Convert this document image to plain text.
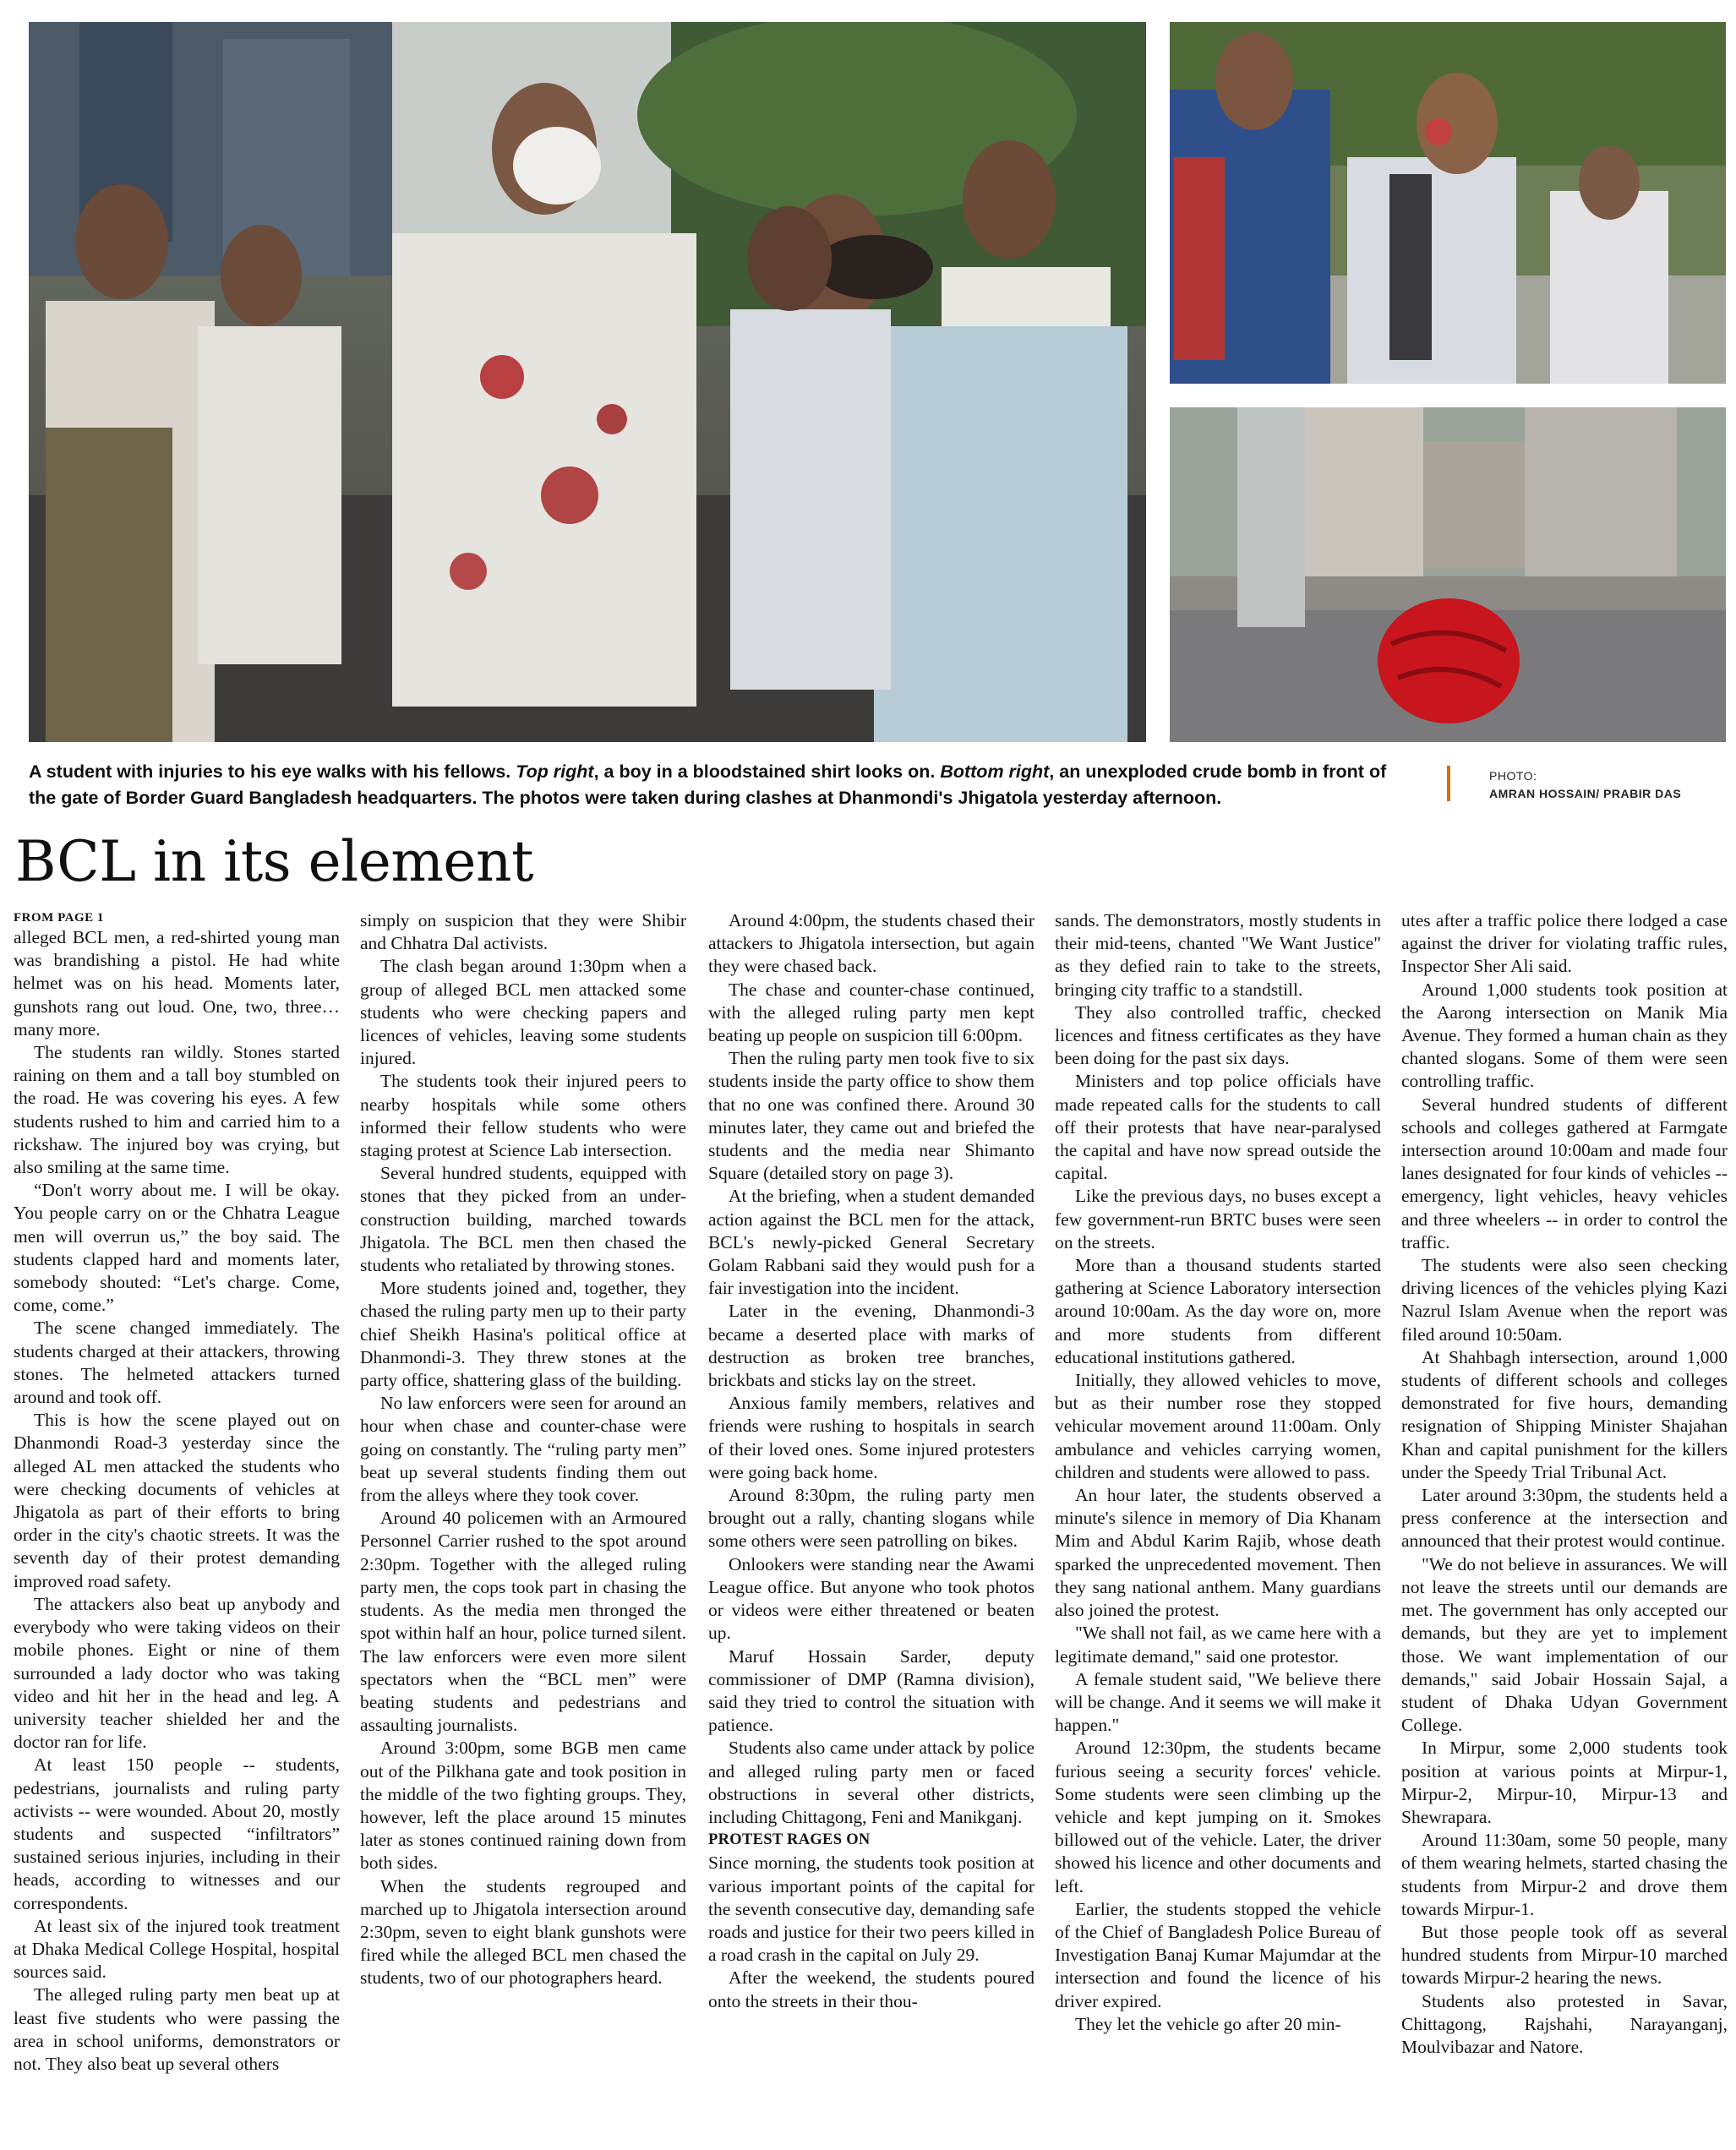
A student with injuries to his eye walks with his fellows. Top right, a boy in a bloodstained shirt looks on. Bottom right, an unexploded crude bomb in front of the gate of Border Guard Bangladesh headquarters. The photos were taken during clashes at Dhanmondi's Jhigatola yesterday afternoon.
PHOTO:
AMRAN HOSSAIN/ PRABIR DAS
BCL in its element
FROM PAGE 1

alleged BCL men, a red-shirted young man was brandishing a pistol. He had white helmet was on his head. Moments later, gunshots rang out loud. One, two, three… many more.

The students ran wildly. Stones started raining on them and a tall boy stumbled on the road. He was covering his eyes. A few students rushed to him and carried him to a rickshaw. The injured boy was crying, but also smiling at the same time.

“Don't worry about me. I will be okay. You people carry on or the Chhatra League men will overrun us,” the boy said. The students clapped hard and moments later, somebody shouted: “Let's charge. Come, come, come.”

The scene changed immediately. The students charged at their attackers, throwing stones. The helmeted attackers turned around and took off.

This is how the scene played out on Dhanmondi Road-3 yesterday since the alleged AL men attacked the students who were checking documents of vehicles at Jhigatola as part of their efforts to bring order in the city's chaotic streets. It was the seventh day of their protest demanding improved road safety.

The attackers also beat up anybody and everybody who were taking videos on their mobile phones. Eight or nine of them surrounded a lady doctor who was taking video and hit her in the head and leg. A university teacher shielded her and the doctor ran for life.

At least 150 people -- students, pedestrians, journalists and ruling party activists -- were wounded. About 20, mostly students and suspected “infiltrators” sustained serious injuries, including in their heads, according to witnesses and our correspondents.

At least six of the injured took treatment at Dhaka Medical College Hospital, hospital sources said.

The alleged ruling party men beat up at least five students who were passing the area in school uniforms, demonstrators or not. They also beat up several others

simply on suspicion that they were Shibir and Chhatra Dal activists.

The clash began around 1:30pm when a group of alleged BCL men attacked some students who were checking papers and licences of vehicles, leaving some students injured.

The students took their injured peers to nearby hospitals while some others informed their fellow students who were staging protest at Science Lab intersection.

Several hundred students, equipped with stones that they picked from an under-construction building, marched towards Jhigatola. The BCL men then chased the students who retaliated by throwing stones.

More students joined and, together, they chased the ruling party men up to their party chief Sheikh Hasina's political office at Dhanmondi-3. They threw stones at the party office, shattering glass of the building.

No law enforcers were seen for around an hour when chase and counter-chase were going on constantly. The “ruling party men” beat up several students finding them out from the alleys where they took cover.

Around 40 policemen with an Armoured Personnel Carrier rushed to the spot around 2:30pm. Together with the alleged ruling party men, the cops took part in chasing the students. As the media men thronged the spot within half an hour, police turned silent. The law enforcers were even more silent spectators when the “BCL men” were beating students and pedestrians and assaulting journalists.

Around 3:00pm, some BGB men came out of the Pilkhana gate and took position in the middle of the two fighting groups. They, however, left the place around 15 minutes later as stones continued raining down from both sides.

When the students regrouped and marched up to Jhigatola intersection around 2:30pm, seven to eight blank gunshots were fired while the alleged BCL men chased the students, two of our photographers heard.

Around 4:00pm, the students chased their attackers to Jhigatola intersection, but again they were chased back.

The chase and counter-chase continued, with the alleged ruling party men kept beating up people on suspicion till 6:00pm.

Then the ruling party men took five to six students inside the party office to show them that no one was confined there. Around 30 minutes later, they came out and briefed the students and the media near Shimanto Square (detailed story on page 3).

At the briefing, when a student demanded action against the BCL men for the attack, BCL's newly-picked General Secretary Golam Rabbani said they would push for a fair investigation into the incident.

Later in the evening, Dhanmondi-3 became a deserted place with marks of destruction as broken tree branches, brickbats and sticks lay on the street.

Anxious family members, relatives and friends were rushing to hospitals in search of their loved ones. Some injured protesters were going back home.

Around 8:30pm, the ruling party men brought out a rally, chanting slogans while some others were seen patrolling on bikes.

Onlookers were standing near the Awami League office. But anyone who took photos or videos were either threatened or beaten up.

Maruf Hossain Sarder, deputy commissioner of DMP (Ramna division), said they tried to control the situation with patience.

Students also came under attack by police and alleged ruling party men or faced obstructions in several other districts, including Chittagong, Feni and Manikganj.

PROTEST RAGES ON

Since morning, the students took position at various important points of the capital for the seventh consecutive day, demanding safe roads and justice for their two peers killed in a road crash in the capital on July 29.

After the weekend, the students poured onto the streets in their thou-

sands. The demonstrators, mostly students in their mid-teens, chanted "We Want Justice" as they defied rain to take to the streets, bringing city traffic to a standstill.

They also controlled traffic, checked licences and fitness certificates as they have been doing for the past six days.

Ministers and top police officials have made repeated calls for the students to call off their protests that have near-paralysed the capital and have now spread outside the capital.

Like the previous days, no buses except a few government-run BRTC buses were seen on the streets.

More than a thousand students started gathering at Science Laboratory intersection around 10:00am. As the day wore on, more and more students from different educational institutions gathered.

Initially, they allowed vehicles to move, but as their number rose they stopped vehicular movement around 11:00am. Only ambulance and vehicles carrying women, children and students were allowed to pass.

An hour later, the students observed a minute's silence in memory of Dia Khanam Mim and Abdul Karim Rajib, whose death sparked the unprecedented movement. Then they sang national anthem. Many guardians also joined the protest.

"We shall not fail, as we came here with a legitimate demand," said one protestor.

A female student said, "We believe there will be change. And it seems we will make it happen."

Around 12:30pm, the students became furious seeing a security forces' vehicle. Some students were seen climbing up the vehicle and kept jumping on it. Smokes billowed out of the vehicle. Later, the driver showed his licence and other documents and left.

Earlier, the students stopped the vehicle of the Chief of Bangladesh Police Bureau of Investigation Banaj Kumar Majumdar at the intersection and found the licence of his driver expired.

They let the vehicle go after 20 min-

utes after a traffic police there lodged a case against the driver for violating traffic rules, Inspector Sher Ali said.

Around 1,000 students took position at the Aarong intersection on Manik Mia Avenue. They formed a human chain as they chanted slogans. Some of them were seen controlling traffic.

Several hundred students of different schools and colleges gathered at Farmgate intersection around 10:00am and made four lanes designated for four kinds of vehicles -- emergency, light vehicles, heavy vehicles and three wheelers -- in order to control the traffic.

The students were also seen checking driving licences of the vehicles plying Kazi Nazrul Islam Avenue when the report was filed around 10:50am.

At Shahbagh intersection, around 1,000 students of different schools and colleges demonstrated for five hours, demanding resignation of Shipping Minister Shajahan Khan and capital punishment for the killers under the Speedy Trial Tribunal Act.

Later around 3:30pm, the students held a press conference at the intersection and announced that their protest would continue.

"We do not believe in assurances. We will not leave the streets until our demands are met. The government has only accepted our demands, but they are yet to implement those. We want implementation of our demands," said Jobair Hossain Sajal, a student of Dhaka Udyan Government College.

In Mirpur, some 2,000 students took position at various points at Mirpur-1, Mirpur-2, Mirpur-10, Mirpur-13 and Shewrapara.

Around 11:30am, some 50 people, many of them wearing helmets, started chasing the students from Mirpur-2 and drove them towards Mirpur-1.

But those people took off as several hundred students from Mirpur-10 marched towards Mirpur-2 hearing the news.

Students also protested in Savar, Chittagong, Rajshahi, Narayanganj, Moulvibazar and Natore.
